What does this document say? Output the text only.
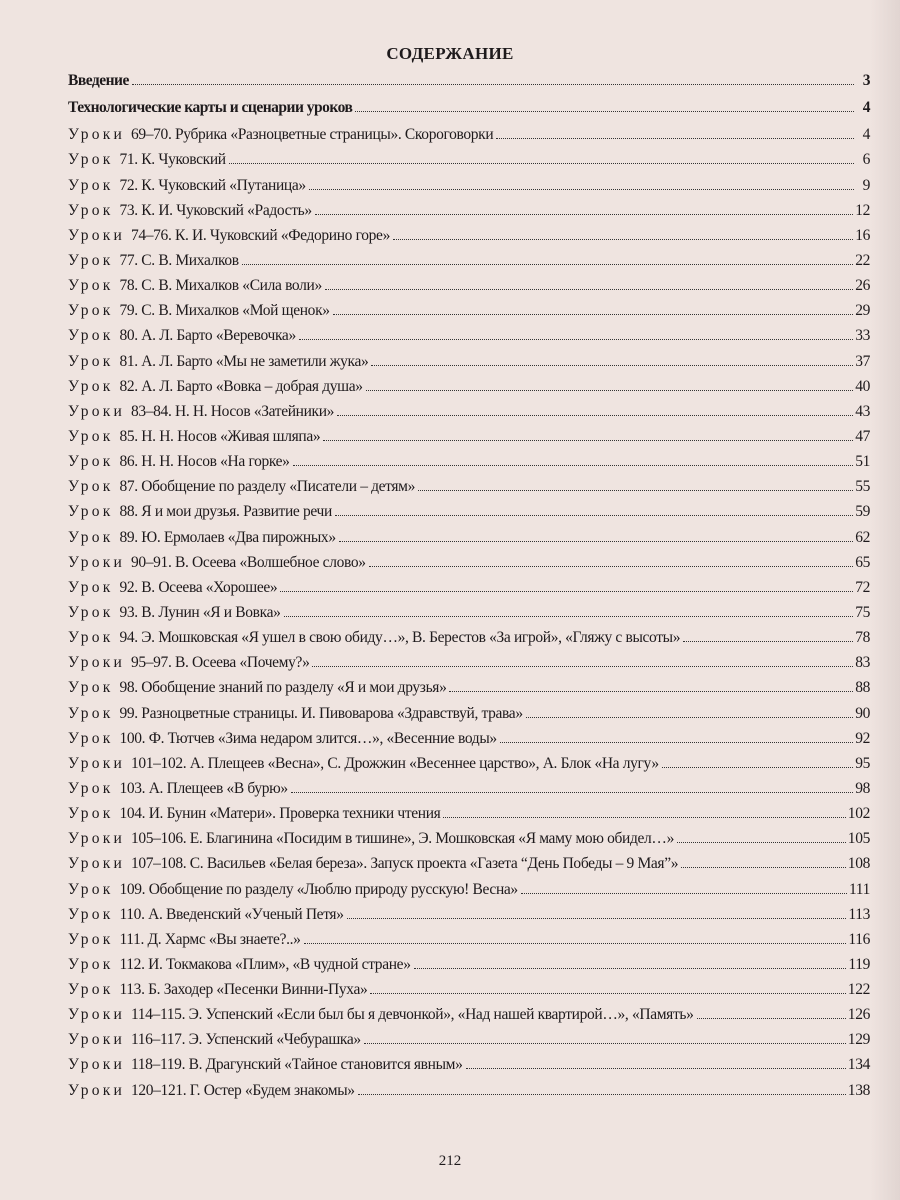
СОДЕРЖАНИЕ
Введение	3
Технологические карты и сценарии уроков	4
Уроки 69–70. Рубрика «Разноцветные страницы». Скороговорки	4
Урок 71. К. Чуковский	6
Урок 72. К. Чуковский «Путаница»	9
Урок 73. К. И. Чуковский «Радость»	12
Уроки 74–76. К. И. Чуковский «Федорино горе»	16
Урок 77. С. В. Михалков	22
Урок 78. С. В. Михалков «Сила воли»	26
Урок 79. С. В. Михалков «Мой щенок»	29
Урок 80. А. Л. Барто «Веревочка»	33
Урок 81. А. Л. Барто «Мы не заметили жука»	37
Урок 82. А. Л. Барто «Вовка – добрая душа»	40
Уроки 83–84. Н. Н. Носов «Затейники»	43
Урок 85. Н. Н. Носов «Живая шляпа»	47
Урок 86. Н. Н. Носов «На горке»	51
Урок 87. Обобщение по разделу «Писатели – детям»	55
Урок 88. Я и мои друзья. Развитие речи	59
Урок 89. Ю. Ермолаев «Два пирожных»	62
Уроки 90–91. В. Осеева «Волшебное слово»	65
Урок 92. В. Осеева «Хорошее»	72
Урок 93. В. Лунин «Я и Вовка»	75
Урок 94. Э. Мошковская «Я ушел в свою обиду…», В. Берестов «За игрой», «Гляжу с высоты»	78
Уроки 95–97. В. Осеева «Почему?»	83
Урок 98. Обобщение знаний по разделу «Я и мои друзья»	88
Урок 99. Разноцветные страницы. И. Пивоварова «Здравствуй, трава»	90
Урок 100. Ф. Тютчев «Зима недаром злится…», «Весенние воды»	92
Уроки 101–102. А. Плещеев «Весна», С. Дрожжин «Весеннее царство», А. Блок «На лугу»	95
Урок 103. А. Плещеев «В бурю»	98
Урок 104. И. Бунин «Матери». Проверка техники чтения	102
Уроки 105–106. Е. Благинина «Посидим в тишине», Э. Мошковская «Я маму мою обидел…»	105
Уроки 107–108. С. Васильев «Белая береза». Запуск проекта «Газета “День Победы – 9 Мая”»	108
Урок 109. Обобщение по разделу «Люблю природу русскую! Весна»	111
Урок 110. А. Введенский «Ученый Петя»	113
Урок 111. Д. Хармс «Вы знаете?..»	116
Урок 112. И. Токмакова «Плим», «В чудной стране»	119
Урок 113. Б. Заходер «Песенки Винни-Пуха»	122
Уроки 114–115. Э. Успенский «Если был бы я девчонкой», «Над нашей квартирой…», «Память»	126
Уроки 116–117. Э. Успенский «Чебурашка»	129
Уроки 118–119. В. Драгунский «Тайное становится явным»	134
Уроки 120–121. Г. Остер «Будем знакомы»	138
212
